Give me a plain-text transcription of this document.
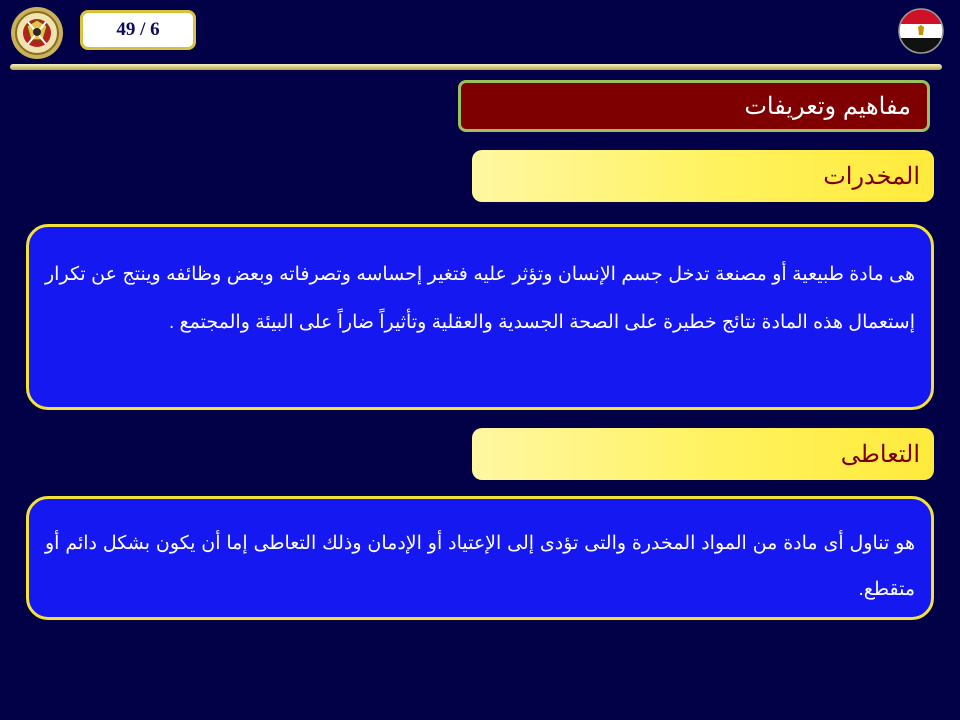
49 / 6
مفاهيم وتعريفات
المخدرات

هى مادة طبيعية أو مصنعة تدخل جسم الإنسان وتؤثر عليه فتغير إحساسه وتصرفاته وبعض وظائفه وينتج عن تكرار إستعمال هذه المادة نتائج خطيرة على الصحة الجسدية والعقلية وتأثيراً ضاراً على البيئة والمجتمع .

التعاطى

هو تناول أى مادة من المواد المخدرة والتى تؤدى إلى الإعتياد أو الإدمان وذلك التعاطى إما أن يكون بشكل دائم أو متقطع.
